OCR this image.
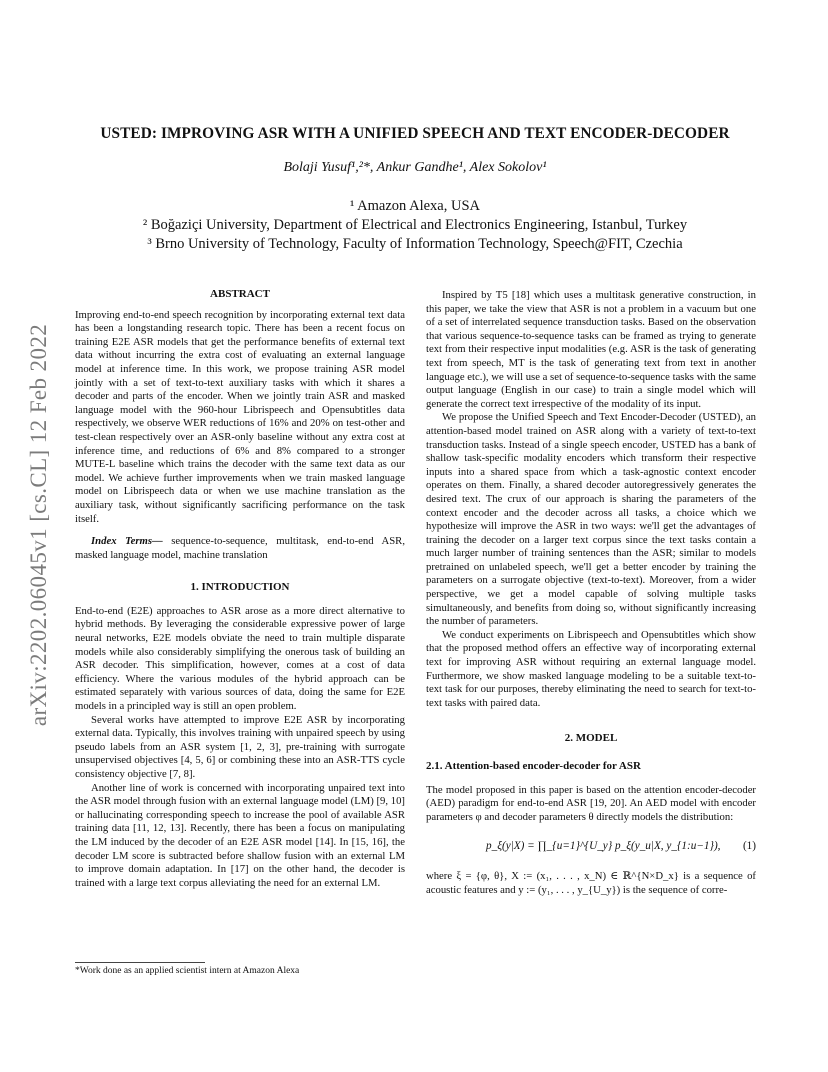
arXiv:2202.06045v1 [cs.CL] 12 Feb 2022
USTED: IMPROVING ASR WITH A UNIFIED SPEECH AND TEXT ENCODER-DECODER
Bolaji Yusuf¹,²*, Ankur Gandhe¹, Alex Sokolov¹
¹ Amazon Alexa, USA
² Boğaziçi University, Department of Electrical and Electronics Engineering, Istanbul, Turkey
³ Brno University of Technology, Faculty of Information Technology, Speech@FIT, Czechia

ABSTRACT

Improving end-to-end speech recognition by incorporating external text data has been a longstanding research topic. There has been a recent focus on training E2E ASR models that get the performance benefits of external text data without incurring the extra cost of evaluating an external language model at inference time. In this work, we propose training ASR model jointly with a set of text-to-text auxiliary tasks with which it shares a decoder and parts of the encoder. When we jointly train ASR and masked language model with the 960-hour Librispeech and Opensubtitles data respectively, we observe WER reductions of 16% and 20% on test-other and test-clean respectively over an ASR-only baseline without any extra cost at inference time, and reductions of 6% and 8% compared to a stronger MUTE-L baseline which trains the decoder with the same text data as our model. We achieve further improvements when we train masked language model on Librispeech data or when we use machine translation as the auxiliary task, without significantly sacrificing performance on the task itself.

Index Terms— sequence-to-sequence, multitask, end-to-end ASR, masked language model, machine translation

1. INTRODUCTION

End-to-end (E2E) approaches to ASR arose as a more direct alternative to hybrid methods. By leveraging the considerable expressive power of large neural networks, E2E models obviate the need to train multiple disparate models while also considerably simplifying the onerous task of building an ASR decoder. This simplification, however, comes at a cost of data efficiency. Where the various modules of the hybrid approach can be estimated separately with various sources of data, doing the same for E2E models in a principled way is still an open problem.

Several works have attempted to improve E2E ASR by incorporating external data. Typically, this involves training with unpaired speech by using pseudo labels from an ASR system [1, 2, 3], pre-training with surrogate unsupervised objectives [4, 5, 6] or combining these into an ASR-TTS cycle consistency objective [7, 8].

Another line of work is concerned with incorporating unpaired text into the ASR model through fusion with an external language model (LM) [9, 10] or hallucinating corresponding speech to increase the pool of available ASR training data [11, 12, 13]. Recently, there has been a focus on manipulating the LM induced by the decoder of an E2E ASR model [14]. In [15, 16], the decoder LM score is subtracted before shallow fusion with an external LM to improve domain adaptation. In [17] on the other hand, the decoder is trained with a large text corpus alleviating the need for an external LM.

Inspired by T5 [18] which uses a multitask generative construction, in this paper, we take the view that ASR is not a problem in a vacuum but one of a set of interrelated sequence transduction tasks. Based on the observation that various sequence-to-sequence tasks can be framed as trying to generate text from their respective input modalities (e.g. ASR is the task of generating text from speech, MT is the task of generating text from text in another language etc.), we will use a set of sequence-to-sequence tasks with the same output language (English in our case) to train a single model which will generate the correct text irrespective of the modality of its input.

We propose the Unified Speech and Text Encoder-Decoder (USTED), an attention-based model trained on ASR along with a variety of text-to-text transduction tasks. Instead of a single speech encoder, USTED has a bank of shallow task-specific modality encoders which transform their respective inputs into a shared space from which a task-agnostic context encoder operates on them. Finally, a shared decoder autoregressively generates the desired text. The crux of our approach is sharing the parameters of the context encoder and the decoder across all tasks, a choice which we hypothesize will improve the ASR in two ways: we'll get the advantages of training the decoder on a larger text corpus since the text tasks contain a much larger number of training sentences than the ASR; similar to models pretrained on unlabeled speech, we'll get a better encoder by training the parameters on a surrogate objective (text-to-text). Moreover, from a wider perspective, we get a model capable of solving multiple tasks simultaneously, and benefits from doing so, without significantly increasing the number of parameters.

We conduct experiments on Librispeech and Opensubtitles which show that the proposed method offers an effective way of incorporating external text for improving ASR without requiring an external language model. Furthermore, we show masked language modeling to be a suitable text-to-text task for our purposes, thereby eliminating the need to search for text-to-text tasks with paired data.

2. MODEL

2.1. Attention-based encoder-decoder for ASR

The model proposed in this paper is based on the attention encoder-decoder (AED) paradigm for end-to-end ASR [19, 20]. An AED model with encoder parameters φ and decoder parameters θ directly models the distribution:

p_ξ(y|X) = ∏_{u=1}^{U_y} p_ξ(y_u|X, y_{1:u−1}), (1)

where ξ = {φ, θ}, X := (x₁, . . . , x_N) ∈ ℝ^{N×D_x} is a sequence of acoustic features and y := (y₁, . . . , y_{U_y}) is the sequence of corre-

*Work done as an applied scientist intern at Amazon Alexa
